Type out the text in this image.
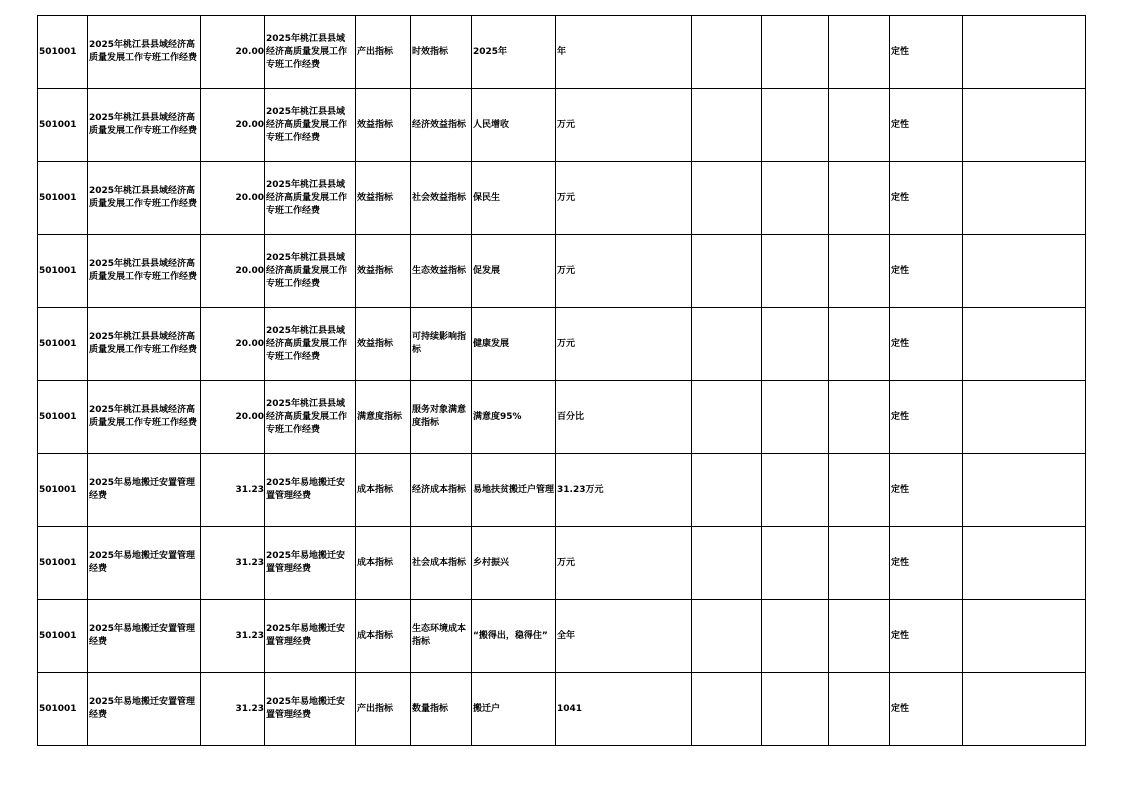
501001	2025年桃江县县域经济高质量发展工作专班工作经费	20.00	2025年桃江县县域经济高质量发展工作专班工作经费	产出指标	时效指标	2025年	年				定性	
501001	2025年桃江县县域经济高质量发展工作专班工作经费	20.00	2025年桃江县县域经济高质量发展工作专班工作经费	效益指标	经济效益指标	人民增收	万元				定性	
501001	2025年桃江县县域经济高质量发展工作专班工作经费	20.00	2025年桃江县县域经济高质量发展工作专班工作经费	效益指标	社会效益指标	保民生	万元				定性	
501001	2025年桃江县县域经济高质量发展工作专班工作经费	20.00	2025年桃江县县域经济高质量发展工作专班工作经费	效益指标	生态效益指标	促发展	万元				定性	
501001	2025年桃江县县域经济高质量发展工作专班工作经费	20.00	2025年桃江县县域经济高质量发展工作专班工作经费	效益指标	可持续影响指标	健康发展	万元				定性	
501001	2025年桃江县县域经济高质量发展工作专班工作经费	20.00	2025年桃江县县域经济高质量发展工作专班工作经费	满意度指标	服务对象满意度指标	满意度95%	百分比				定性	
501001	2025年易地搬迁安置管理经费	31.23	2025年易地搬迁安置管理经费	成本指标	经济成本指标	易地扶贫搬迁户管理	31.23万元				定性	
501001	2025年易地搬迁安置管理经费	31.23	2025年易地搬迁安置管理经费	成本指标	社会成本指标	乡村振兴	万元				定性	
501001	2025年易地搬迁安置管理经费	31.23	2025年易地搬迁安置管理经费	成本指标	生态环境成本指标	“搬得出，稳得住”	全年				定性	
501001	2025年易地搬迁安置管理经费	31.23	2025年易地搬迁安置管理经费	产出指标	数量指标	搬迁户	1041				定性	
